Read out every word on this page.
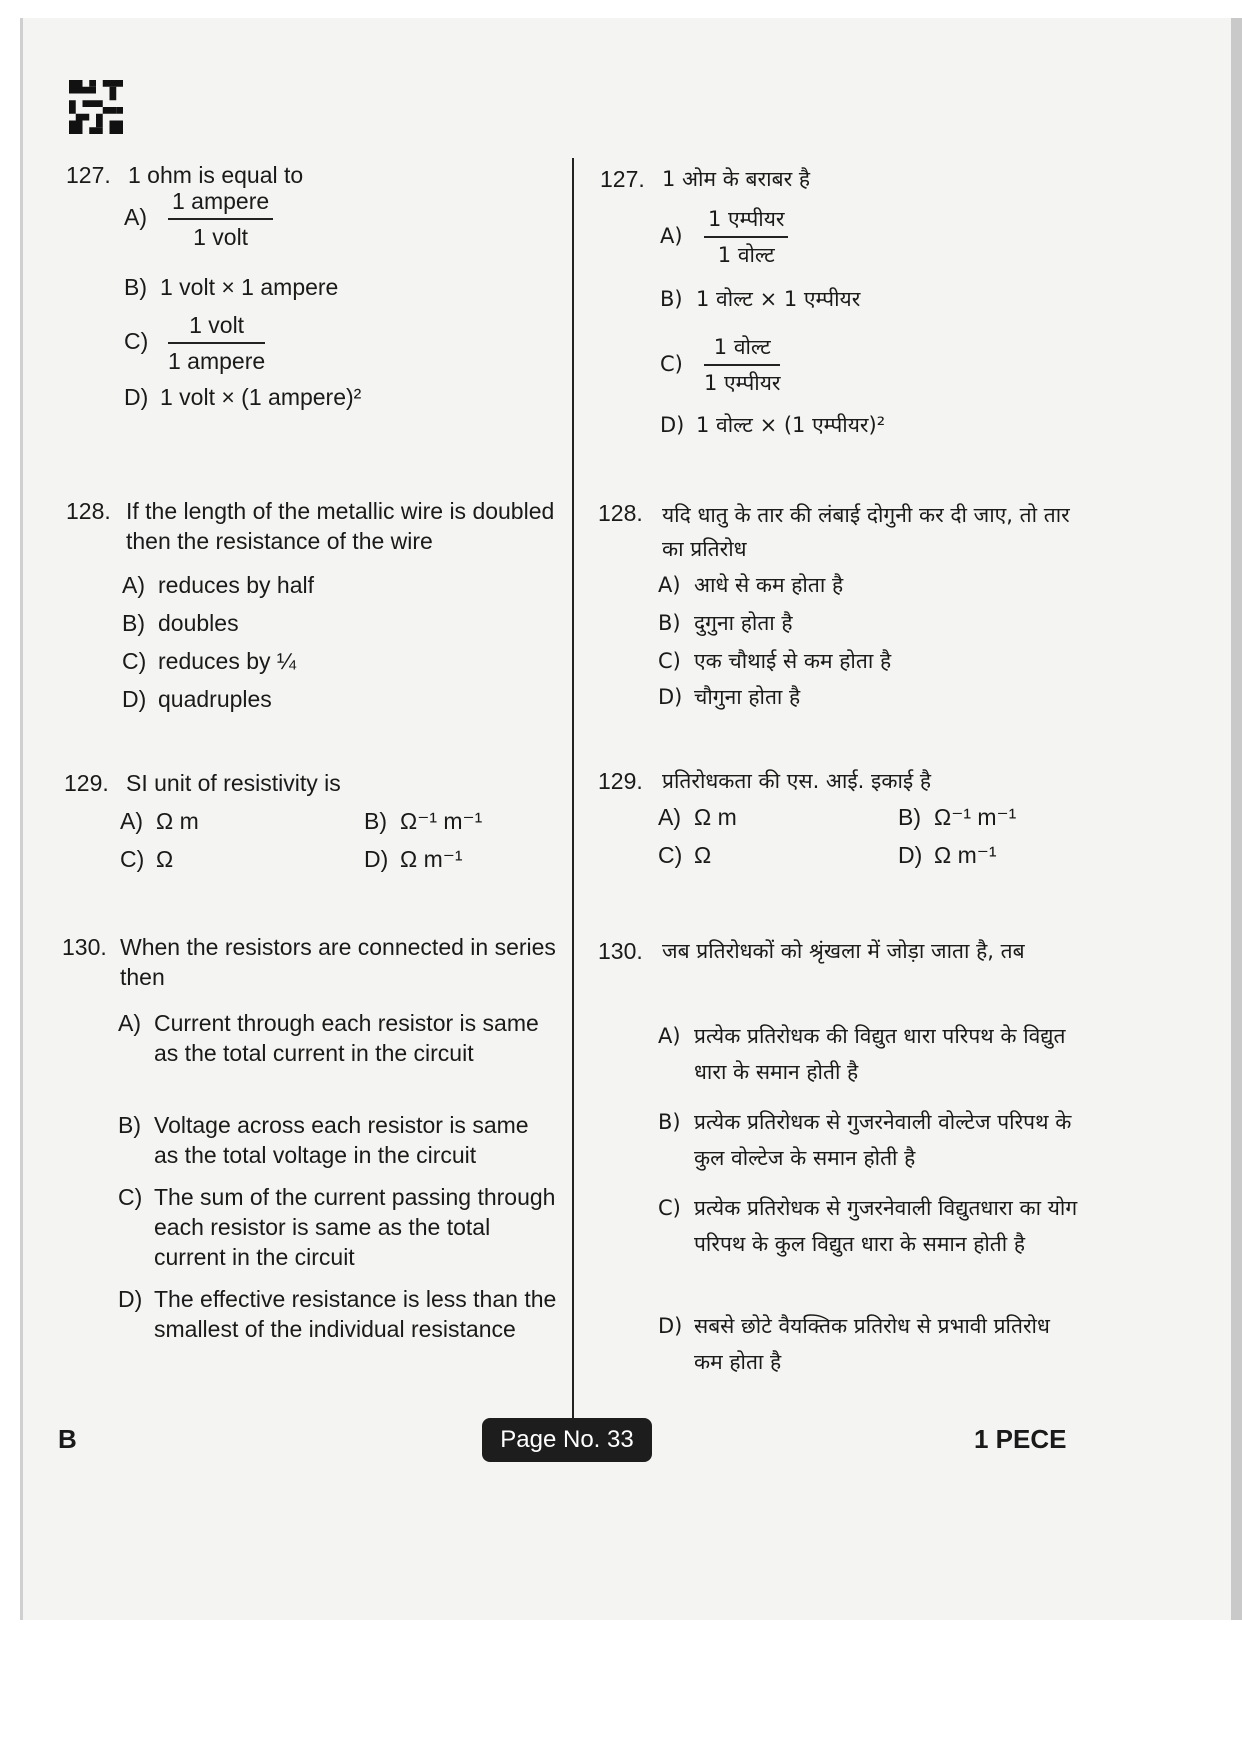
127. 1 ohm is equal to
$A) \frac{\text{1 ampere}}{\text{1 volt}}$
B) 1 volt × 1 ampere
$C) \frac{\text{1 volt}}{\text{1 ampere}}$
D) 1 volt × (1 ampere)²
128. If the length of the metallic wire is doubled then the resistance of the wire
A) reduces by half
B) doubles
C) reduces by ¼
D) quadruples
129. SI unit of resistivity is
A) Ω m	B) Ω⁻¹ m⁻¹
C) Ω	D) Ω m⁻¹
130. When the resistors are connected in series then
A) Current through each resistor is same as the total current in the circuit
B) Voltage across each resistor is same as the total voltage in the circuit
C) The sum of the current passing through each resistor is same as the total current in the circuit
D) The effective resistance is less than the smallest of the individual resistance
127. 1 ओम के बराबर है
$A) \frac{\text{1 एम्पीयर}}{\text{1 वोल्ट}}$
B) 1 वोल्ट × 1 एम्पीयर
$C) \frac{\text{1 वोल्ट}}{\text{1 एम्पीयर}}$
D) 1 वोल्ट × (1 एम्पीयर)²
128. यदि धातु के तार की लंबाई दोगुनी कर दी जाए, तो तार का प्रतिरोध
A) आधे से कम होता है
B) दुगुना होता है
C) एक चौथाई से कम होता है
D) चौगुना होता है
129. प्रतिरोधकता की एस. आई. इकाई है
A) Ω m	B) Ω⁻¹ m⁻¹
C) Ω	D) Ω m⁻¹
130. जब प्रतिरोधकों को श्रृंखला में जोड़ा जाता है, तब
A) प्रत्येक प्रतिरोधक की विद्युत धारा परिपथ के विद्युत धारा के समान होती है
B) प्रत्येक प्रतिरोधक से गुजरनेवाली वोल्टेज परिपथ के कुल वोल्टेज के समान होती है
C) प्रत्येक प्रतिरोधक से गुजरनेवाली विद्युतधारा का योग परिपथ के कुल विद्युत धारा के समान होती है
D) सबसे छोटे वैयक्तिक प्रतिरोध से प्रभावी प्रतिरोध कम होता है
B	Page No. 33	1 PECE
